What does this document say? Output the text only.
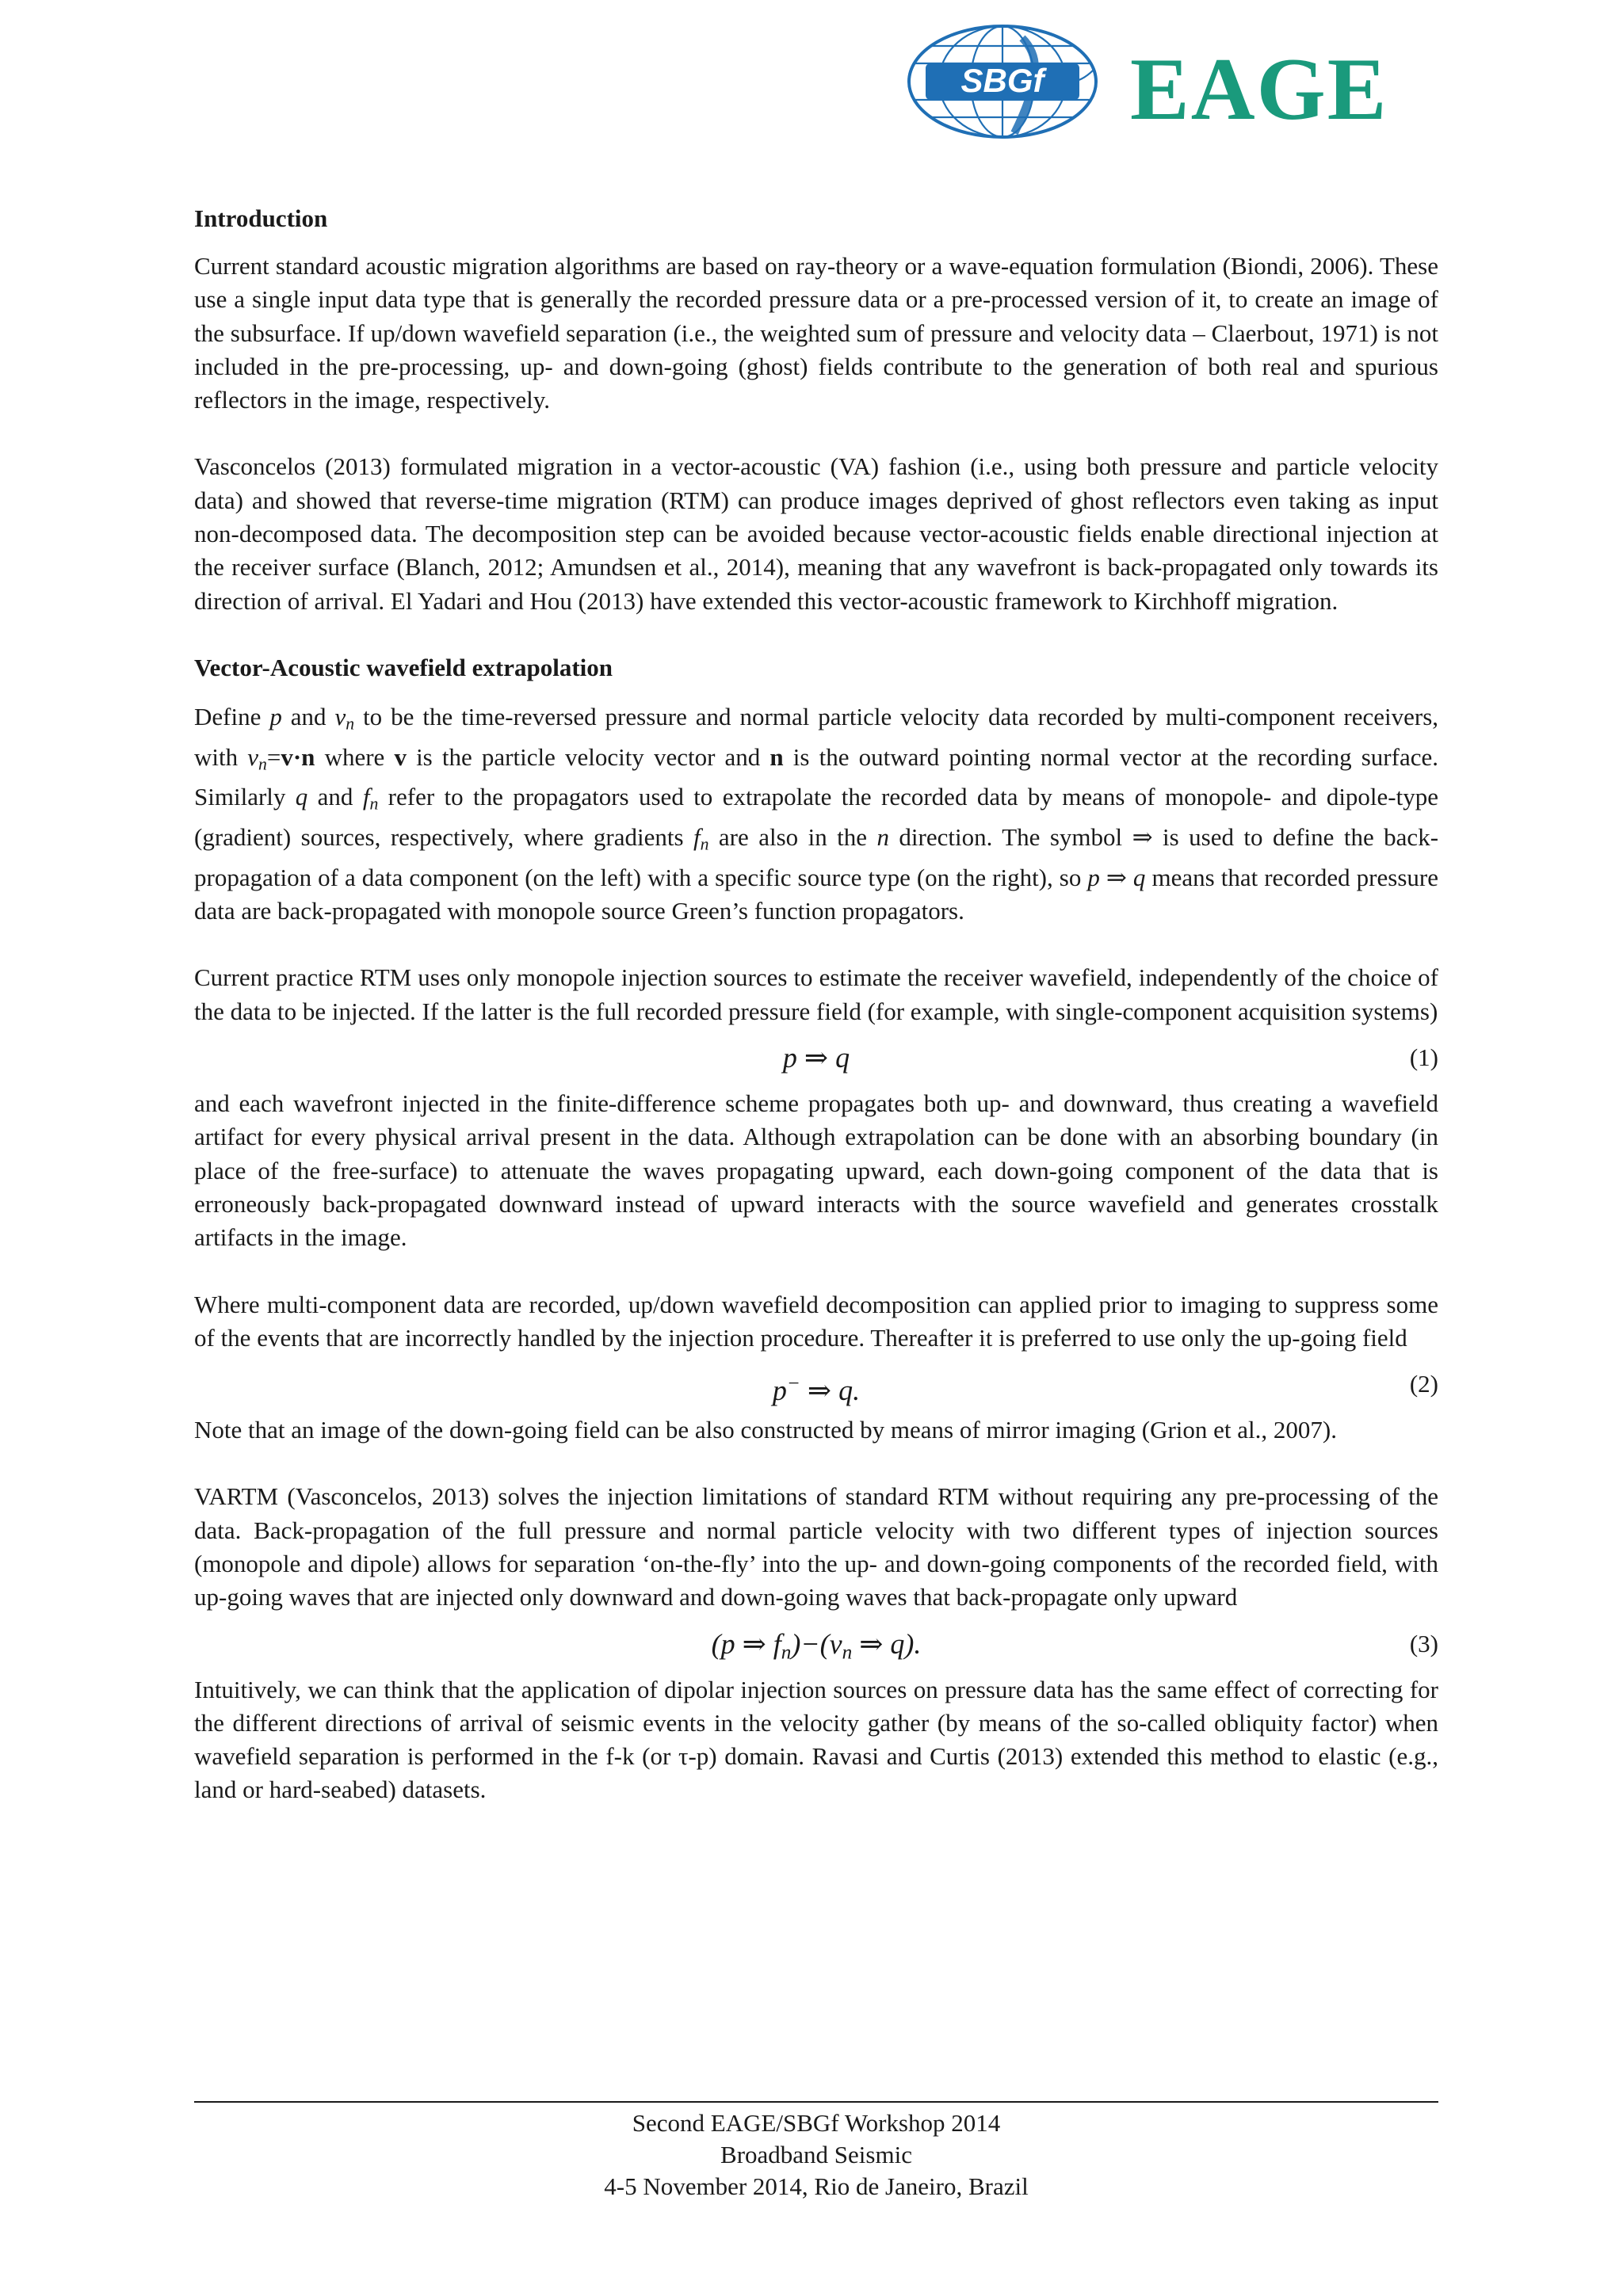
SBGf EAGE
Introduction

Current standard acoustic migration algorithms are based on ray-theory or a wave-equation formulation (Biondi, 2006). These use a single input data type that is generally the recorded pressure data or a pre-processed version of it, to create an image of the subsurface. If up/down wavefield separation (i.e., the weighted sum of pressure and velocity data – Claerbout, 1971) is not included in the pre-processing, up- and down-going (ghost) fields contribute to the generation of both real and spurious reflectors in the image, respectively.

Vasconcelos (2013) formulated migration in a vector-acoustic (VA) fashion (i.e., using both pressure and particle velocity data) and showed that reverse-time migration (RTM) can produce images deprived of ghost reflectors even taking as input non-decomposed data. The decomposition step can be avoided because vector-acoustic fields enable directional injection at the receiver surface (Blanch, 2012; Amundsen et al., 2014), meaning that any wavefront is back-propagated only towards its direction of arrival. El Yadari and Hou (2013) have extended this vector-acoustic framework to Kirchhoff migration.

Vector-Acoustic wavefield extrapolation

Define p and $v_n$ to be the time-reversed pressure and normal particle velocity data recorded by multi-component receivers, with $v_n=v\cdot n$ where v is the particle velocity vector and n is the outward pointing normal vector at the recording surface. Similarly q and $f_n$ refer to the propagators used to extrapolate the recorded data by means of monopole- and dipole-type (gradient) sources, respectively, where gradients $f_n$ are also in the n direction. The symbol ⇒ is used to define the back-propagation of a data component (on the left) with a specific source type (on the right), so p ⇒ q means that recorded pressure data are back-propagated with monopole source Green’s function propagators.

Current practice RTM uses only monopole injection sources to estimate the receiver wavefield, independently of the choice of the data to be injected. If the latter is the full recorded pressure field (for example, with single-component acquisition systems)

p ⇒ q	(1)

and each wavefront injected in the finite-difference scheme propagates both up- and downward, thus creating a wavefield artifact for every physical arrival present in the data. Although extrapolation can be done with an absorbing boundary (in place of the free-surface) to attenuate the waves propagating upward, each down-going component of the data that is erroneously back-propagated downward instead of upward interacts with the source wavefield and generates crosstalk artifacts in the image.

Where multi-component data are recorded, up/down wavefield decomposition can applied prior to imaging to suppress some of the events that are incorrectly handled by the injection procedure. Thereafter it is preferred to use only the up-going field

p− ⇒ q.	(2)

Note that an image of the down-going field can be also constructed by means of mirror imaging (Grion et al., 2007).

VARTM (Vasconcelos, 2013) solves the injection limitations of standard RTM without requiring any pre-processing of the data. Back-propagation of the full pressure and normal particle velocity with two different types of injection sources (monopole and dipole) allows for separation ‘on-the-fly’ into the up- and down-going components of the recorded field, with up-going waves that are injected only downward and down-going waves that back-propagate only upward

(p ⇒ $f_n)-(v_n$ ⇒ q).	(3)

Intuitively, we can think that the application of dipolar injection sources on pressure data has the same effect of correcting for the different directions of arrival of seismic events in the velocity gather (by means of the so-called obliquity factor) when wavefield separation is performed in the f-k (or τ-p) domain. Ravasi and Curtis (2013) extended this method to elastic (e.g., land or hard-seabed) datasets.

Second EAGE/SBGf Workshop 2014
Broadband Seismic
4-5 November 2014, Rio de Janeiro, Brazil
